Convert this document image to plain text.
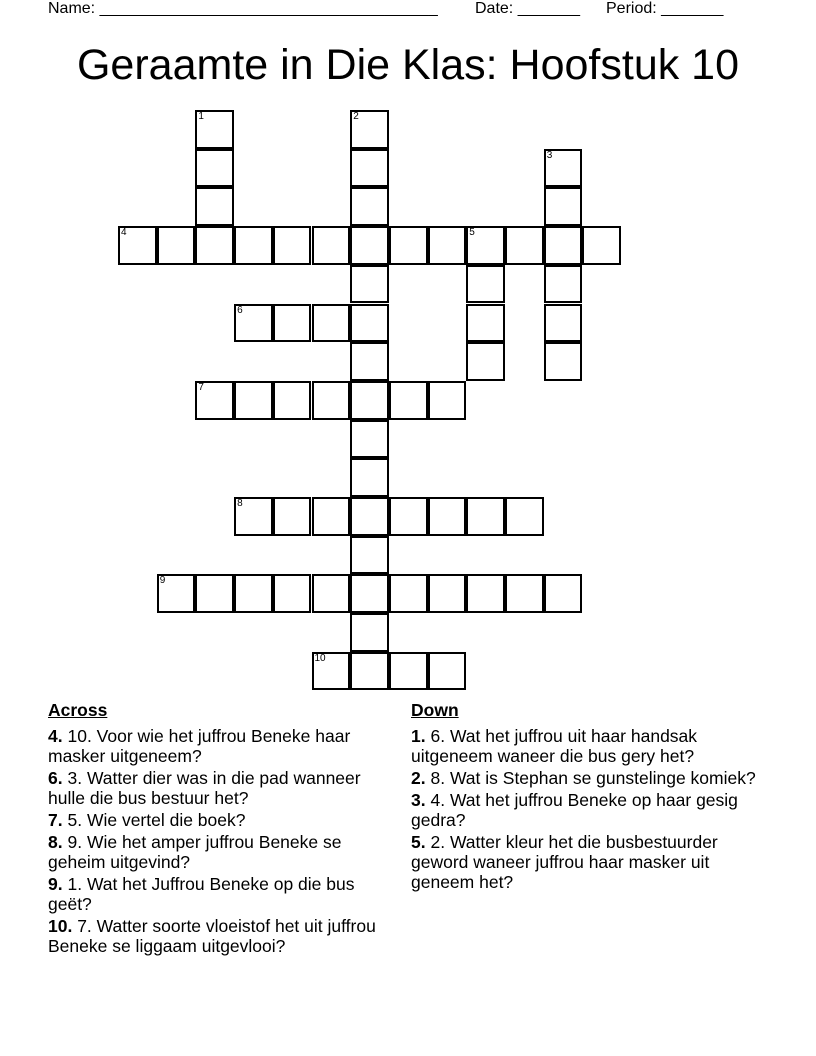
Name: ______________________________________ Date: _______ Period: _______
Geraamte in Die Klas: Hoofstuk 10
1	2
3
4	5
6
7
8
9
10
Across
4. 10. Voor wie het juffrou Beneke haar masker uitgeneem?
6. 3. Watter dier was in die pad wanneer hulle die bus bestuur het?
7. 5. Wie vertel die boek?
8. 9. Wie het amper juffrou Beneke se geheim uitgevind?
9. 1. Wat het Juffrou Beneke op die bus geët?
10. 7. Watter soorte vloeistof het uit juffrou Beneke se liggaam uitgevlooi?
Down
1. 6. Wat het juffrou uit haar handsak uitgeneem waneer die bus gery het?
2. 8. Wat is Stephan se gunstelinge komiek?
3. 4. Wat het juffrou Beneke op haar gesig gedra?
5. 2. Watter kleur het die busbestuurder geword waneer juffrou haar masker uit geneem het?
